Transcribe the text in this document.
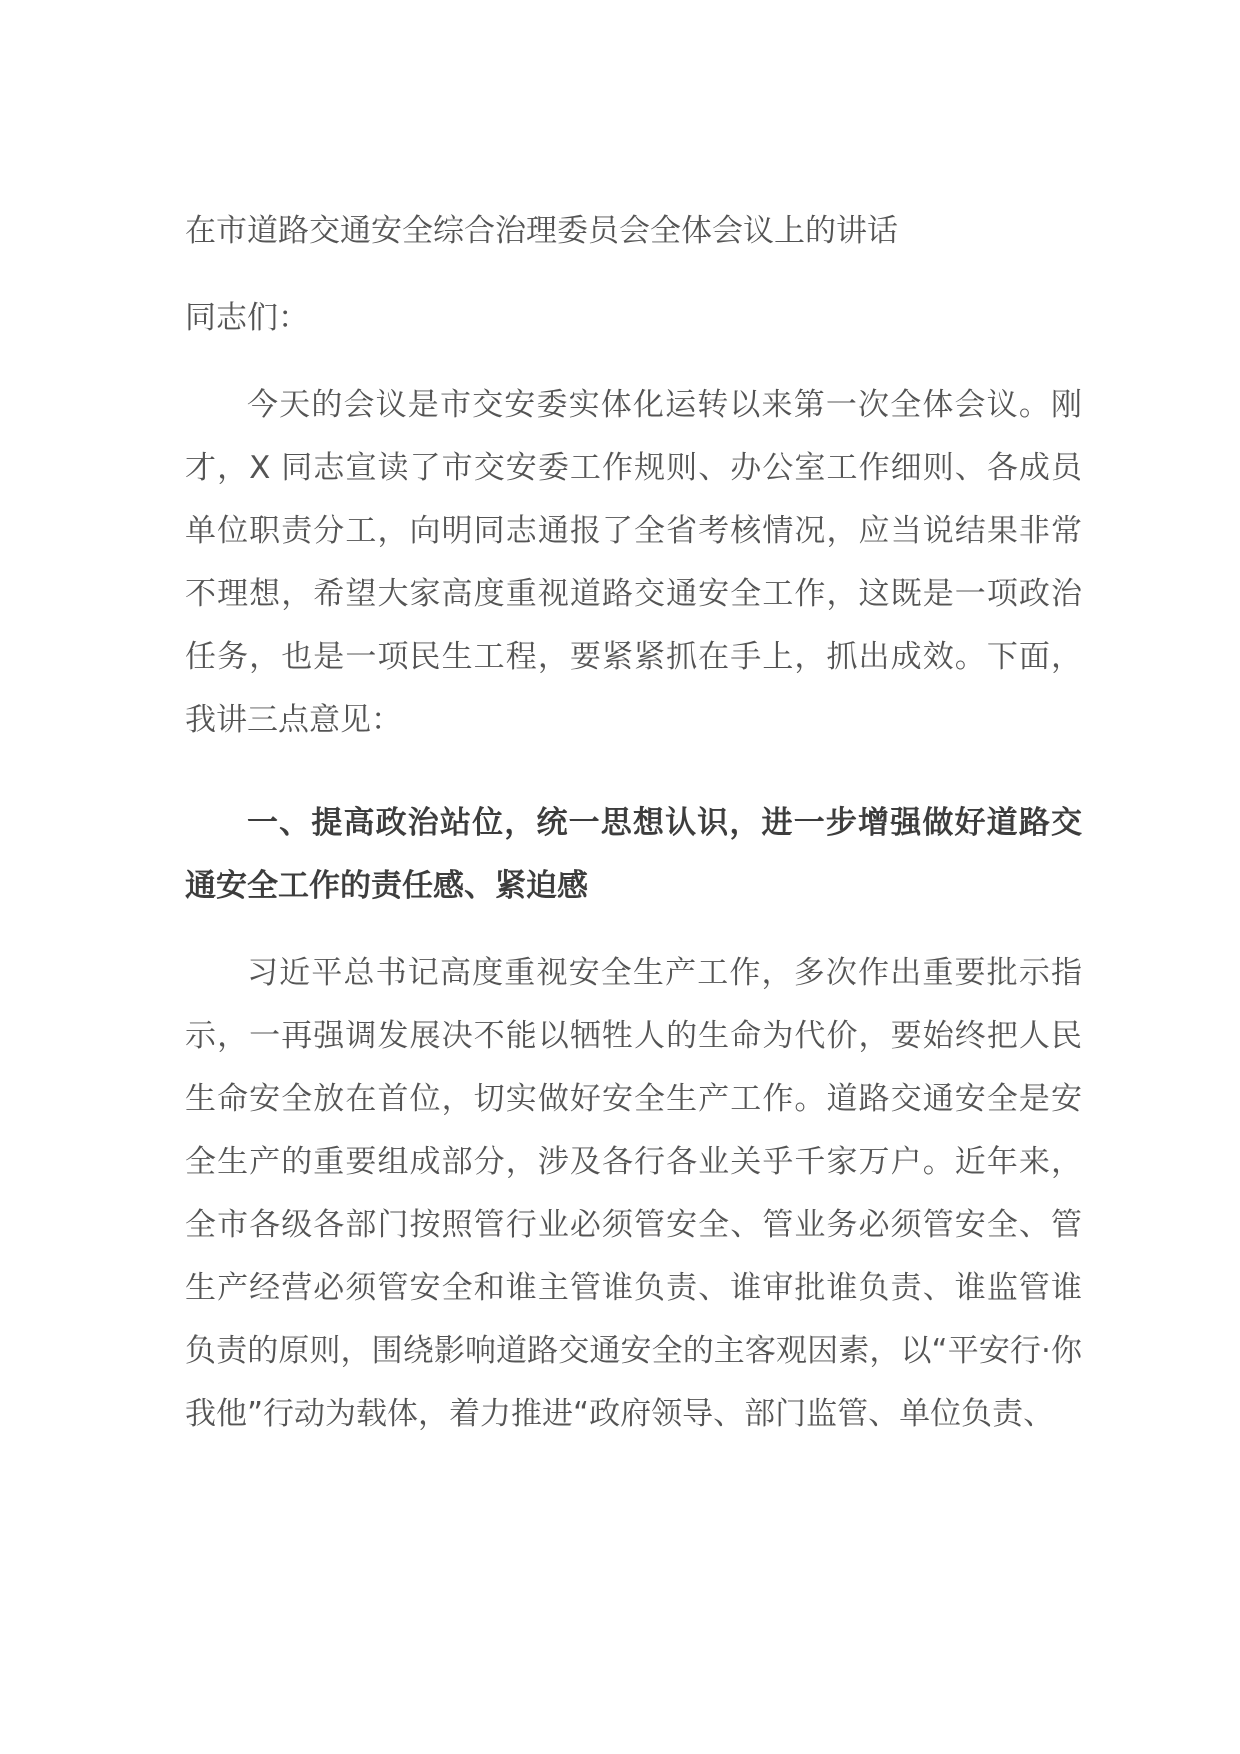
在市道路交通安全综合治理委员会全体会议上的讲话

同志们：

今天的会议是市交安委实体化运转以来第一次全体会议。刚才，X 同志宣读了市交安委工作规则、办公室工作细则、各成员单位职责分工，向明同志通报了全省考核情况，应当说结果非常不理想，希望大家高度重视道路交通安全工作，这既是一项政治任务，也是一项民生工程，要紧紧抓在手上，抓出成效。下面，我讲三点意见：

一、提高政治站位，统一思想认识，进一步增强做好道路交通安全工作的责任感、紧迫感

习近平总书记高度重视安全生产工作，多次作出重要批示指示，一再强调发展决不能以牺牲人的生命为代价，要始终把人民生命安全放在首位，切实做好安全生产工作。道路交通安全是安全生产的重要组成部分，涉及各行各业关乎千家万户。近年来，全市各级各部门按照管行业必须管安全、管业务必须管安全、管生产经营必须管安全和谁主管谁负责、谁审批谁负责、谁监管谁负责的原则，围绕影响道路交通安全的主客观因素，以“平安行·你我他”行动为载体，着力推进“政府领导、部门监管、单位负责、
